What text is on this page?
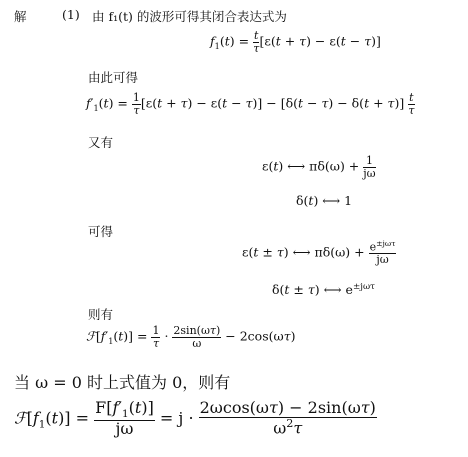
解	(1) 由 f₁(t) 的波形可得其闭合表达式为
$f_1(t) = \frac{t}{\tau} [\varepsilon(t + \tau) - \varepsilon(t - \tau)]$
由此可得
$f'_1(t) = \frac{1}{\tau} [\varepsilon(t + \tau) - \varepsilon(t - \tau)] - [\delta(t - \tau) - \delta(t + \tau)] \frac{t}{\tau}$
又有
ε(t) ⟷ $\pi\delta(\omega) + \frac{1}{j\omega}$
δ(t) ⟷ 1
可得
ε(t ± τ) ⟷ $\pi\delta(\omega) + \frac{e^{\pm j\omega\tau}}{j\omega}$
δ(t ± τ) ⟷ $e^{\pm j\omega\tau}$
则有
$ℱ[f'_1(t)] = \frac{1}{\tau} \cdot \frac{2\sin(\omega\tau)}{\omega} - 2\cos(\omega\tau)$
当 ω = 0 时上式值为 0，则有
$ℱ[f_1(t)] = \frac{F[f'_1(t)]}{j\omega} = j \cdot \frac{2\omega\cos(\omega\tau) - 2\sin(\omega\tau)}{\omega^2\tau}$
